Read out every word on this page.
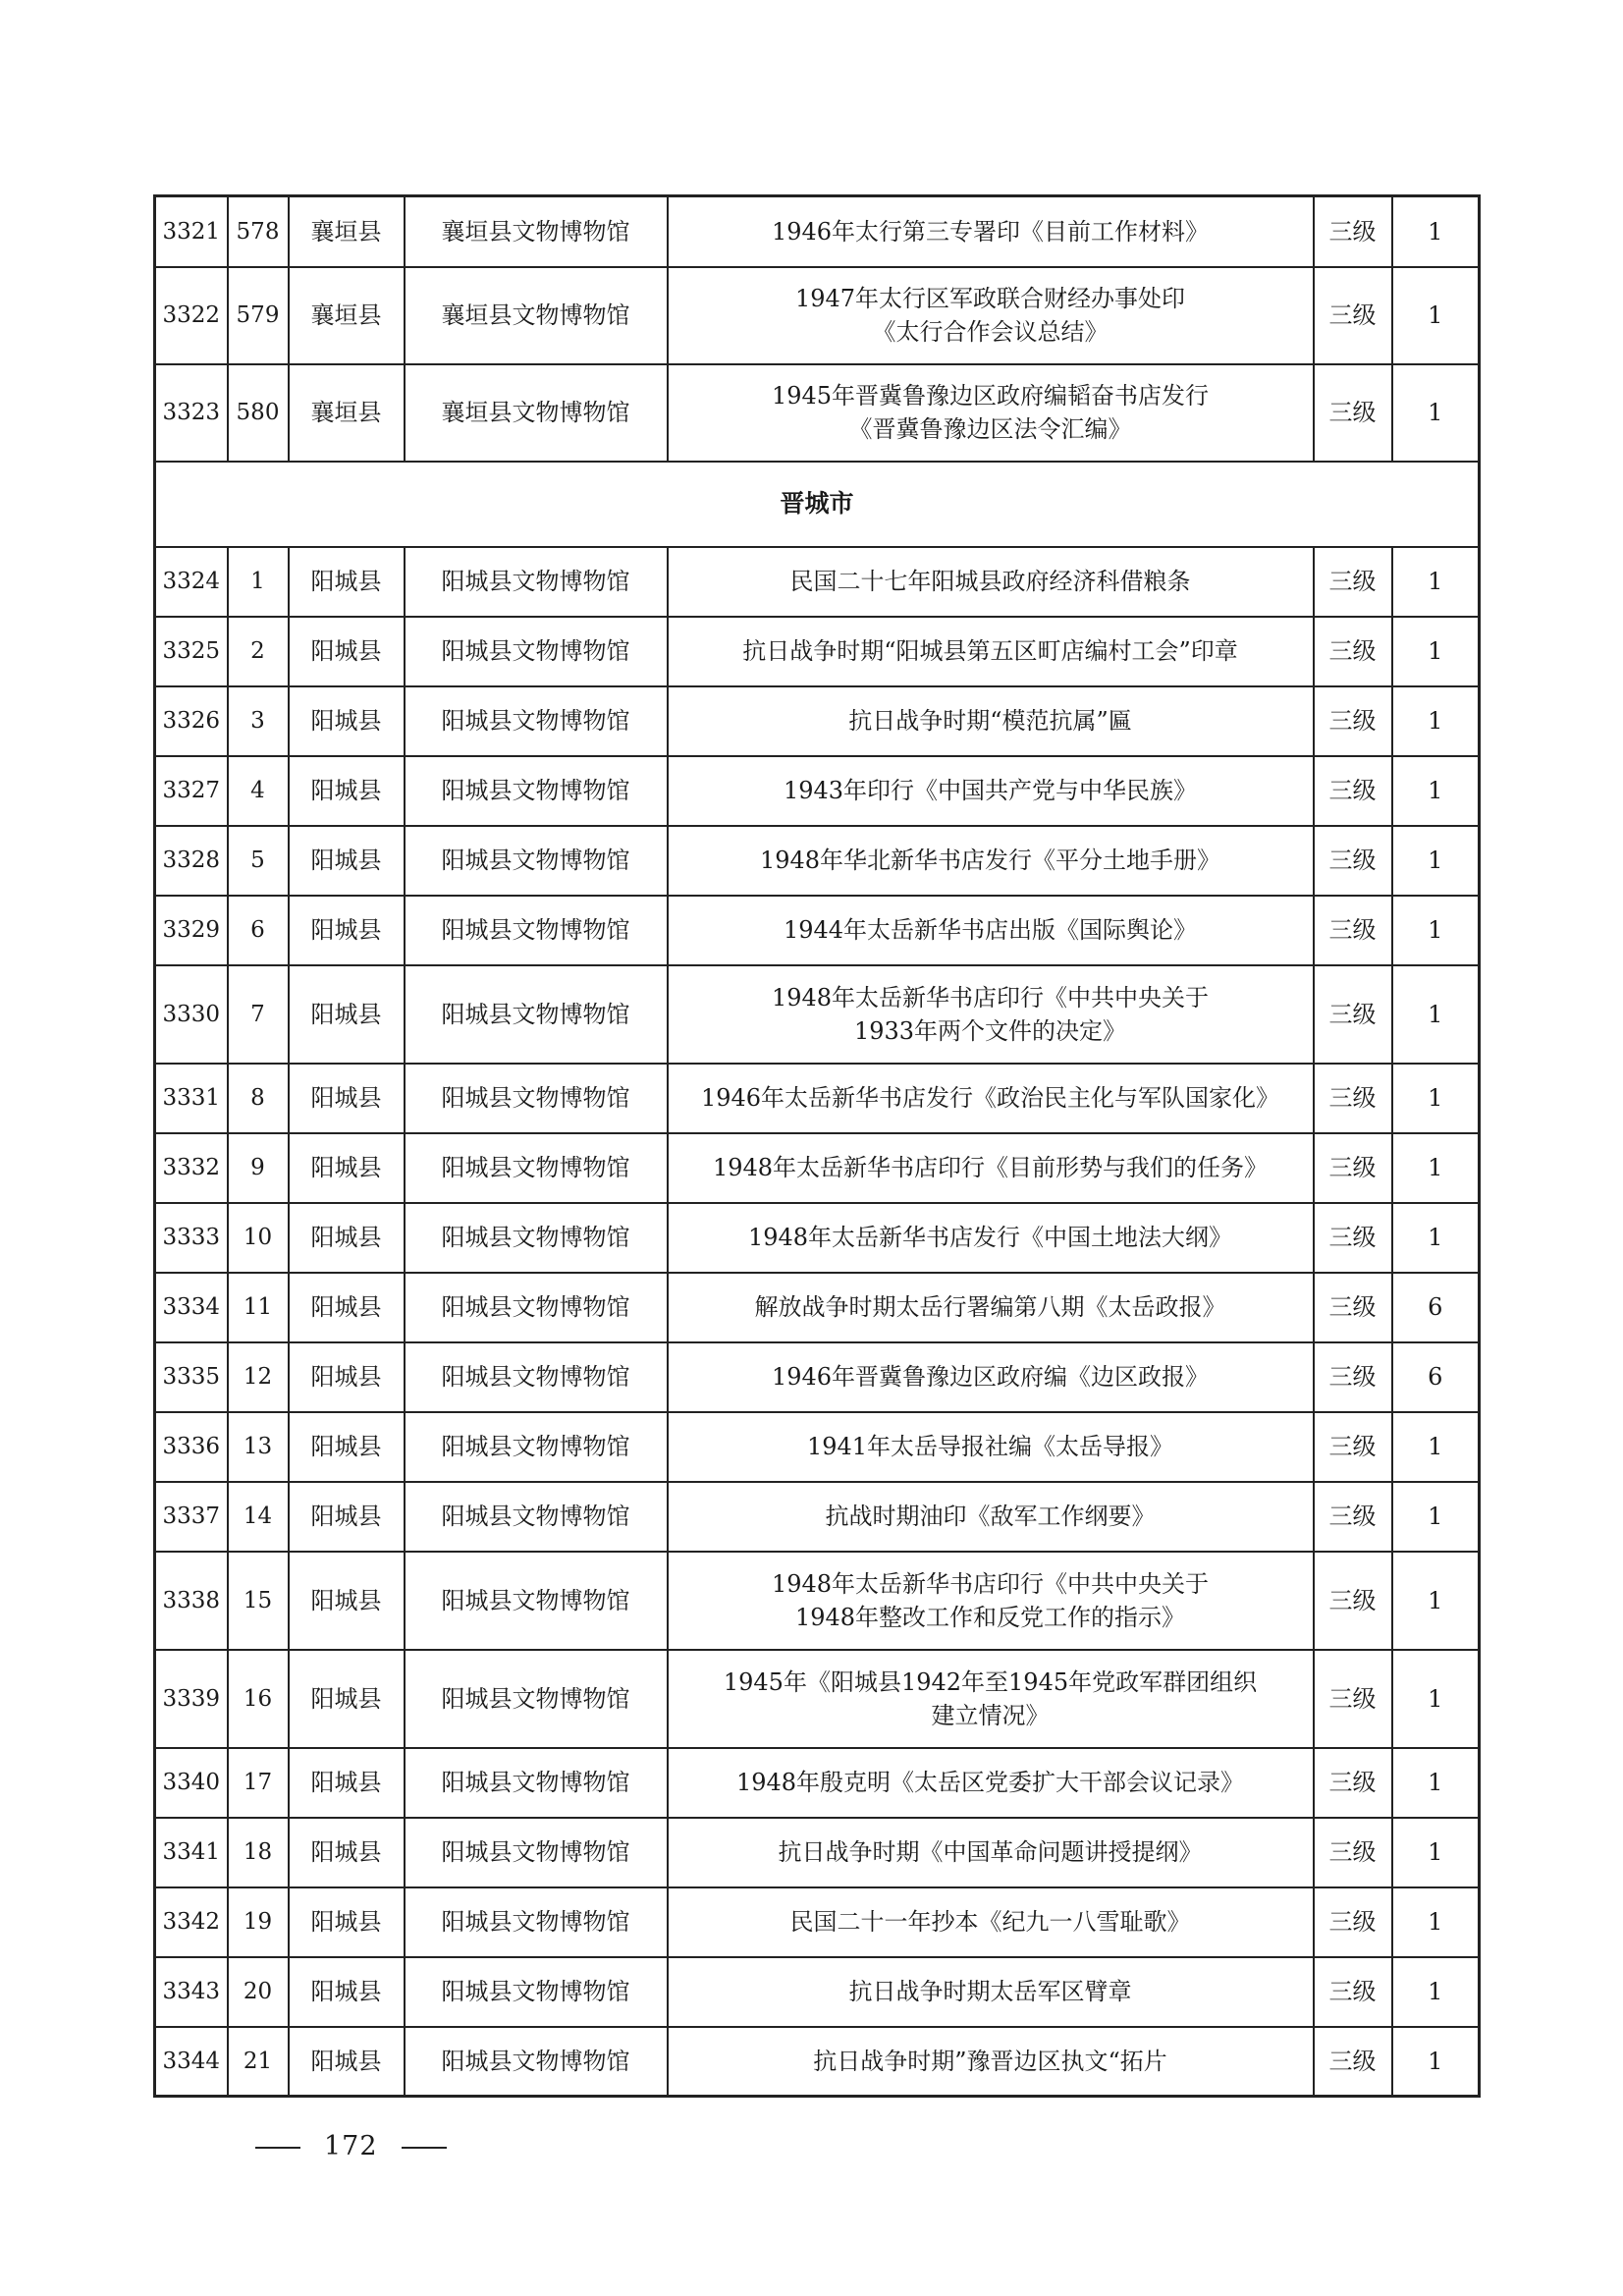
3321	578	襄垣县	襄垣县文物博物馆	1946年太行第三专署印《目前工作材料》	三级	1
3322	579	襄垣县	襄垣县文物博物馆	1947年太行区军政联合财经办事处印
《太行合作会议总结》	三级	1
3323	580	襄垣县	襄垣县文物博物馆	1945年晋冀鲁豫边区政府编韬奋书店发行
《晋冀鲁豫边区法令汇编》	三级	1
晋城市						
3324	1	阳城县	阳城县文物博物馆	民国二十七年阳城县政府经济科借粮条	三级	1
3325	2	阳城县	阳城县文物博物馆	抗日战争时期“阳城县第五区町店编村工会”印章	三级	1
3326	3	阳城县	阳城县文物博物馆	抗日战争时期“模范抗属”匾	三级	1
3327	4	阳城县	阳城县文物博物馆	1943年印行《中国共产党与中华民族》	三级	1
3328	5	阳城县	阳城县文物博物馆	1948年华北新华书店发行《平分土地手册》	三级	1
3329	6	阳城县	阳城县文物博物馆	1944年太岳新华书店出版《国际舆论》	三级	1
3330	7	阳城县	阳城县文物博物馆	1948年太岳新华书店印行《中共中央关于
1933年两个文件的决定》	三级	1
3331	8	阳城县	阳城县文物博物馆	1946年太岳新华书店发行《政治民主化与军队国家化》	三级	1
3332	9	阳城县	阳城县文物博物馆	1948年太岳新华书店印行《目前形势与我们的任务》	三级	1
3333	10	阳城县	阳城县文物博物馆	1948年太岳新华书店发行《中国土地法大纲》	三级	1
3334	11	阳城县	阳城县文物博物馆	解放战争时期太岳行署编第八期《太岳政报》	三级	6
3335	12	阳城县	阳城县文物博物馆	1946年晋冀鲁豫边区政府编《边区政报》	三级	6
3336	13	阳城县	阳城县文物博物馆	1941年太岳导报社编《太岳导报》	三级	1
3337	14	阳城县	阳城县文物博物馆	抗战时期油印《敌军工作纲要》	三级	1
3338	15	阳城县	阳城县文物博物馆	1948年太岳新华书店印行《中共中央关于
1948年整改工作和反党工作的指示》	三级	1
3339	16	阳城县	阳城县文物博物馆	1945年《阳城县1942年至1945年党政军群团组织
建立情况》	三级	1
3340	17	阳城县	阳城县文物博物馆	1948年殷克明《太岳区党委扩大干部会议记录》	三级	1
3341	18	阳城县	阳城县文物博物馆	抗日战争时期《中国革命问题讲授提纲》	三级	1
3342	19	阳城县	阳城县文物博物馆	民国二十一年抄本《纪九一八雪耻歌》	三级	1
3343	20	阳城县	阳城县文物博物馆	抗日战争时期太岳军区臂章	三级	1
3344	21	阳城县	阳城县文物博物馆	抗日战争时期”豫晋边区执文“拓片	三级	1
172
